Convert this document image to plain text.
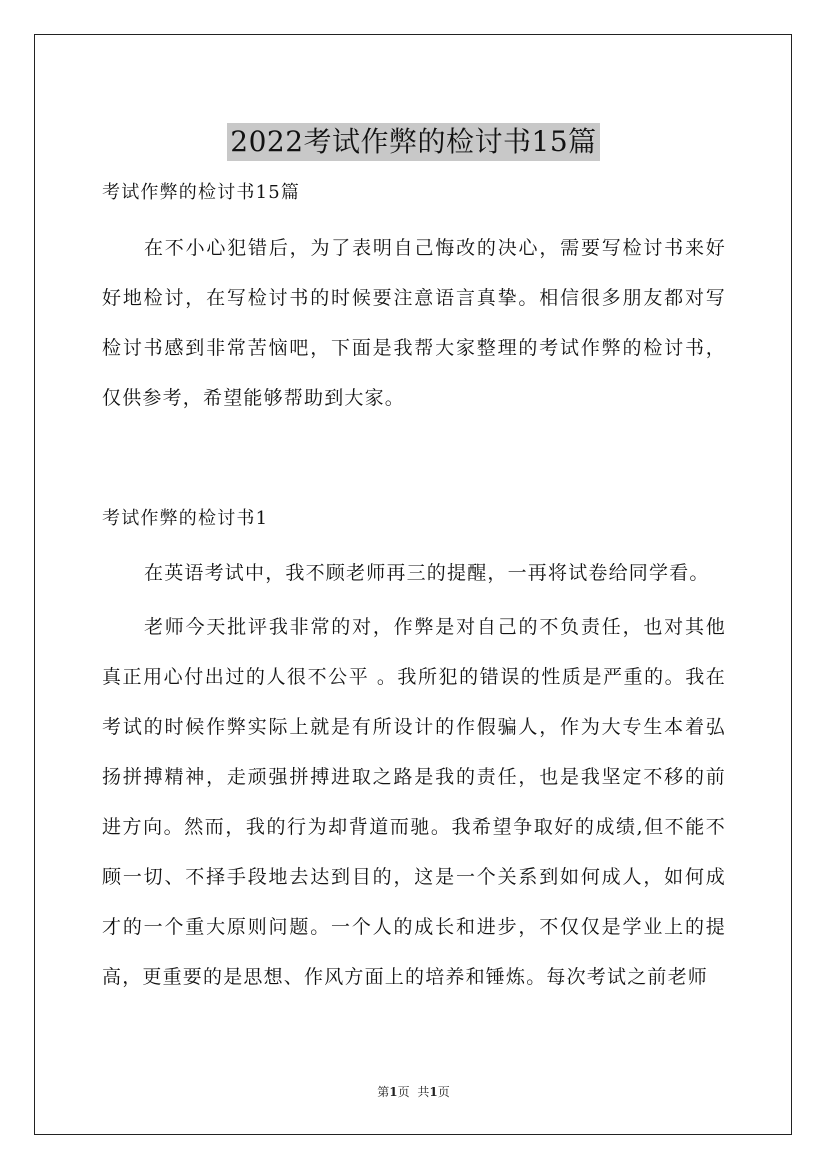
2022考试作弊的检讨书15篇

考试作弊的检讨书15篇

在不小心犯错后，为了表明自己悔改的决心，需要写检讨书来好好地检讨，在写检讨书的时候要注意语言真挚。相信很多朋友都对写检讨书感到非常苦恼吧，下面是我帮大家整理的考试作弊的检讨书，仅供参考，希望能够帮助到大家。

考试作弊的检讨书1

在英语考试中，我不顾老师再三的提醒，一再将试卷给同学看。

老师今天批评我非常的对，作弊是对自己的不负责任，也对其他真正用心付出过的人很不公平 。我所犯的错误的性质是严重的。我在考试的时候作弊实际上就是有所设计的作假骗人，作为大专生本着弘扬拼搏精神，走顽强拼搏进取之路是我的责任，也是我坚定不移的前进方向。然而，我的行为却背道而驰。我希望争取好的成绩,但不能不顾一切、不择手段地去达到目的，这是一个关系到如何成人，如何成才的一个重大原则问题。一个人的成长和进步，不仅仅是学业上的提高，更重要的是思想、作风方面上的培养和锤炼。每次考试之前老师

第1页 共1页
